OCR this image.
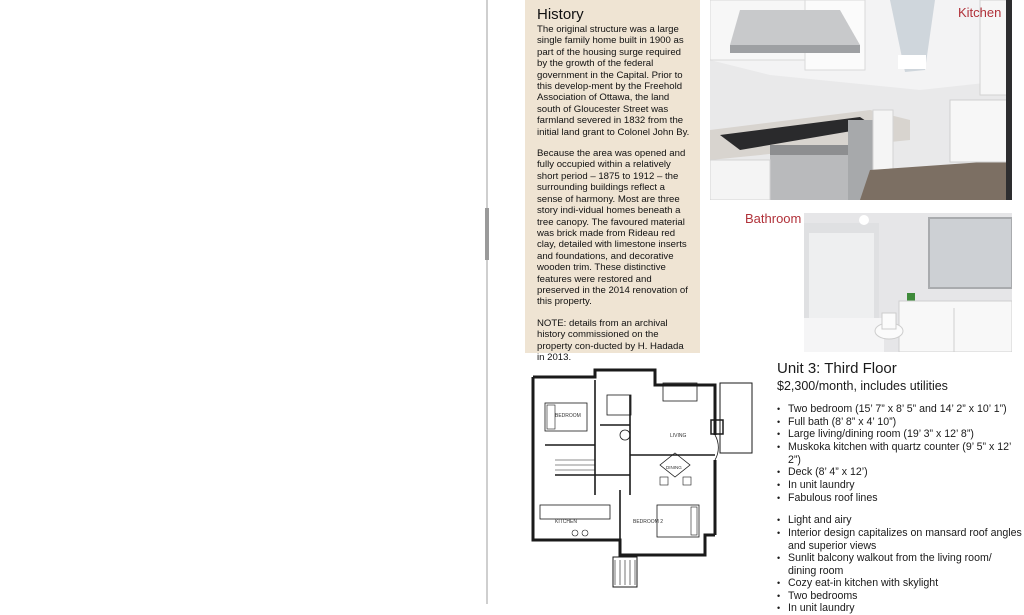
History

The original structure was a large single family home built in 1900 as part of the housing surge required by the growth of the federal government in the Capital. Prior to this develop-ment by the Freehold Association of Ottawa, the land south of Gloucester Street was farmland severed in 1832 from the initial land grant to Colonel John By.

Because the area was opened and fully occupied within a relatively short period – 1875 to 1912 – the surrounding buildings reflect a sense of harmony. Most are three story indi-vidual homes beneath a tree canopy. The favoured material was brick made from Rideau red clay, detailed with limestone inserts and foundations, and decorative wooden trim. These distinctive features were restored and preserved in the 2014 renovation of this property.

NOTE: details from an archival history commissioned on the property con-ducted by H. Hadada in 2013.

Kitchen
Bathroom
BEDROOM
LIVING
DINING
KITCHEN	BEDROOM 2
Unit 3: Third Floor
$2,300/month, includes utilities
• Two bedroom (15’ 7” x 8’ 5” and 14’ 2” x 10’ 1”)
• Full bath (8’ 8” x 4’ 10”)
• Large living/dining room (19’ 3” x 12’ 8”)
• Muskoka kitchen with quartz counter (9’ 5” x 12’ 2”)
• Deck (8’ 4” x 12’)
• In unit laundry
• Fabulous roof lines
• Light and airy
• Interior design capitalizes on mansard roof angles and superior views
• Sunlit balcony walkout from the living room/ dining room
• Cozy eat-in kitchen with skylight
• Two bedrooms
• In unit laundry
